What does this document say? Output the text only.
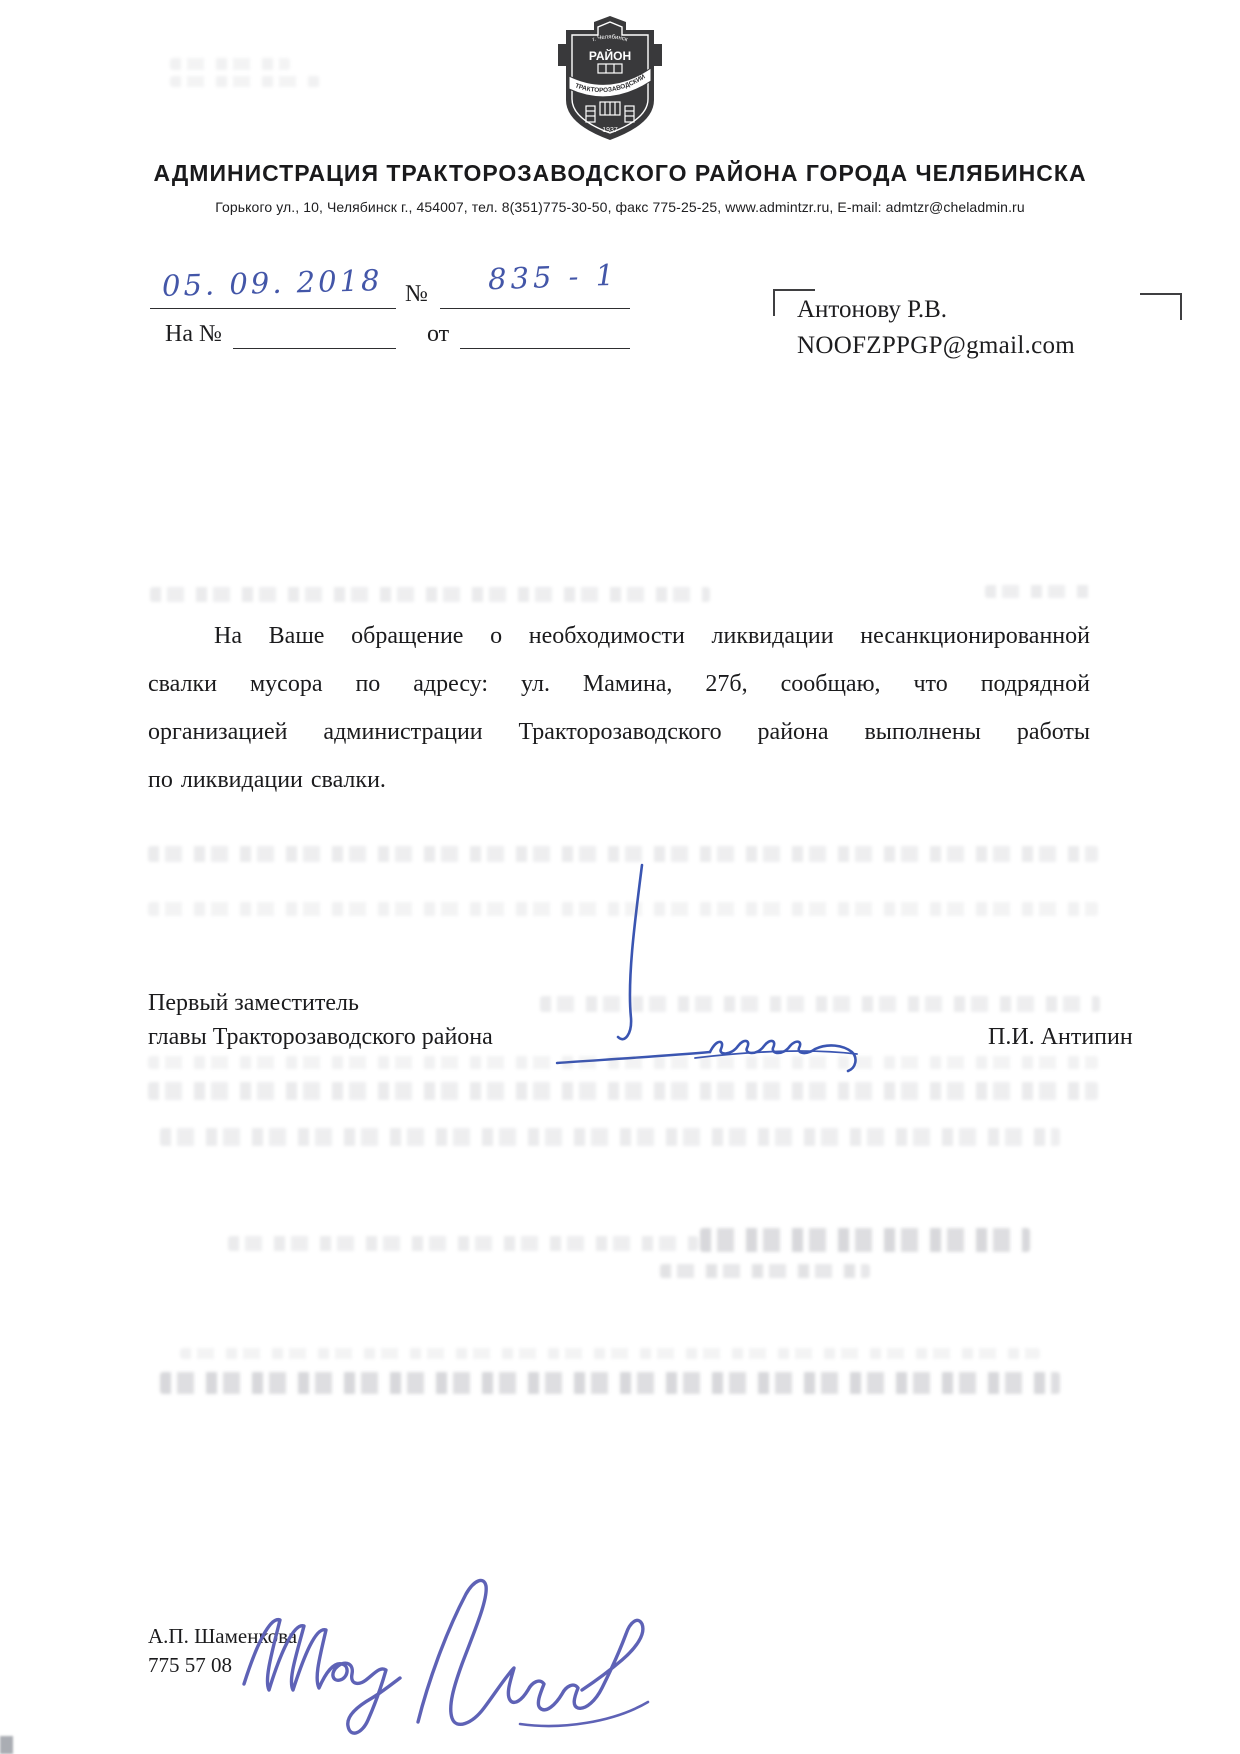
г. Челябинск
РАЙОН
ТРАКТОРОЗАВОДСКИЙ
1937
АДМИНИСТРАЦИЯ ТРАКТОРОЗАВОДСКОГО РАЙОНА ГОРОДА ЧЕЛЯБИНСКА
Горького ул., 10, Челябинск г., 454007, тел. 8(351)775-30-50, факс 775-25-25, www.admintzr.ru, E-mail: admtzr@cheladmin.ru
05. 09. 2018 № 835 - 1
На №	от
Антонову Р.В.
NOOFZPPGP@gmail.com
На Ваше обращение о необходимости ликвидации несанкционированной
свалки мусора по адресу: ул. Мамина, 27б, сообщаю, что подрядной
организацией администрации Тракторозаводского района выполнены работы
по ликвидации свалки.
Первый заместитель
главы Тракторозаводского района	П.И. Антипин
А.П. Шаменкова
775 57 08
